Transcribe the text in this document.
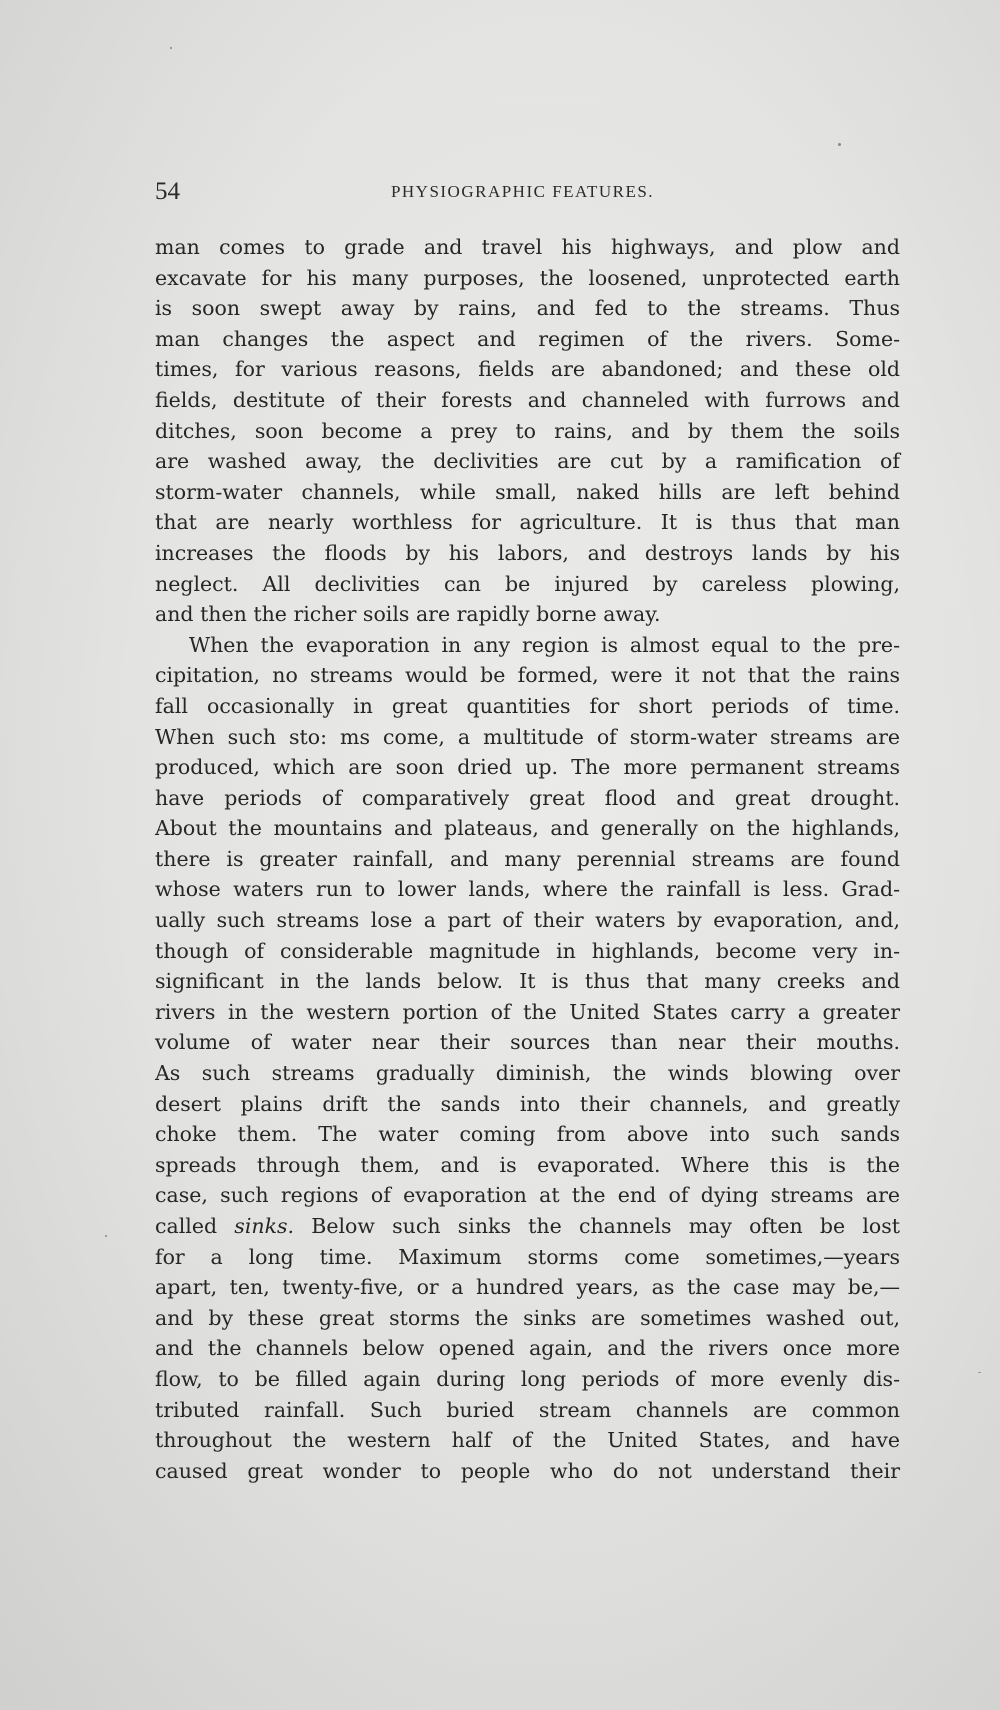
54	PHYSIOGRAPHIC FEATURES.
man comes to grade and travel his highways, and plow and
excavate for his many purposes, the loosened, unprotected earth
is soon swept away by rains, and fed to the streams. Thus
man changes the aspect and regimen of the rivers. Some-
times, for various reasons, fields are abandoned; and these old
fields, destitute of their forests and channeled with furrows and
ditches, soon become a prey to rains, and by them the soils
are washed away, the declivities are cut by a ramification of
storm-water channels, while small, naked hills are left behind
that are nearly worthless for agriculture. It is thus that man
increases the floods by his labors, and destroys lands by his
neglect. All declivities can be injured by careless plowing,
and then the richer soils are rapidly borne away.
When the evaporation in any region is almost equal to the pre-
cipitation, no streams would be formed, were it not that the rains
fall occasionally in great quantities for short periods of time.
When such sto: ms come, a multitude of storm-water streams are
produced, which are soon dried up. The more permanent streams
have periods of comparatively great flood and great drought.
About the mountains and plateaus, and generally on the highlands,
there is greater rainfall, and many perennial streams are found
whose waters run to lower lands, where the rainfall is less. Grad-
ually such streams lose a part of their waters by evaporation, and,
though of considerable magnitude in highlands, become very in-
significant in the lands below. It is thus that many creeks and
rivers in the western portion of the United States carry a greater
volume of water near their sources than near their mouths.
As such streams gradually diminish, the winds blowing over
desert plains drift the sands into their channels, and greatly
choke them. The water coming from above into such sands
spreads through them, and is evaporated. Where this is the
case, such regions of evaporation at the end of dying streams are
called sinks. Below such sinks the channels may often be lost
for a long time. Maximum storms come sometimes,—years
apart, ten, twenty-five, or a hundred years, as the case may be,—
and by these great storms the sinks are sometimes washed out,
and the channels below opened again, and the rivers once more
flow, to be filled again during long periods of more evenly dis-
tributed rainfall. Such buried stream channels are common
throughout the western half of the United States, and have
caused great wonder to people who do not understand their
